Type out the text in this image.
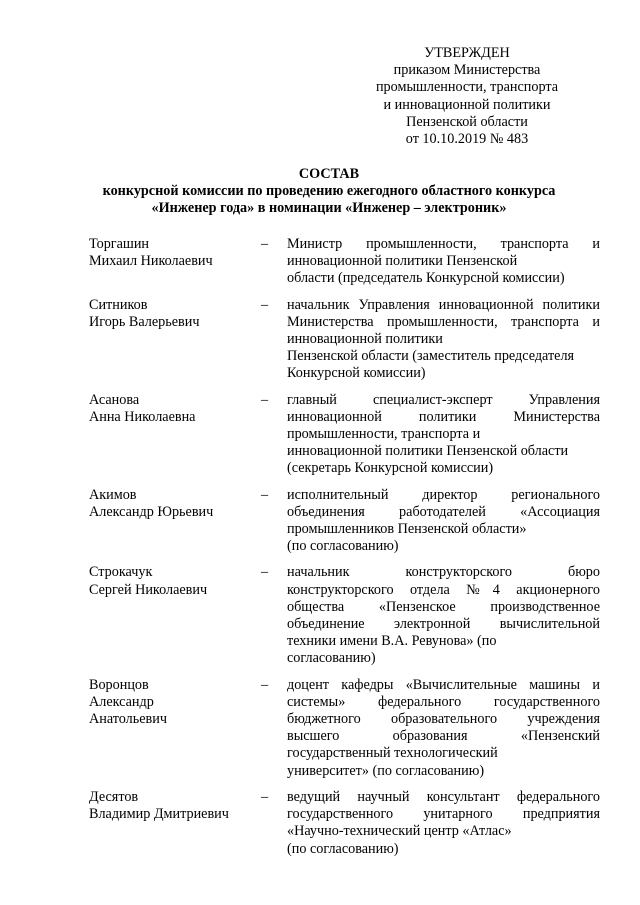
УТВЕРЖДЕН
приказом Министерства
промышленности, транспорта
и инновационной политики
Пензенской области
от 10.10.2019 № 483
СОСТАВ
конкурсной комиссии по проведению ежегодного областного конкурса
«Инженер года» в номинации «Инженер – электроник»
Торгашин
Михаил Николаевич
–	Министр промышленности, транспорта и инновационной политики Пензенской
области (председатель Конкурсной комиссии)
Ситников
Игорь Валерьевич
–	начальник Управления инновационной политики Министерства промышленности, транспорта и инновационной политики
Пензенской области (заместитель председателя Конкурсной комиссии)
Асанова
Анна Николаевна
–	главный специалист-эксперт Управления инновационной политики Министерства промышленности, транспорта и
инновационной политики Пензенской области (секретарь Конкурсной комиссии)
Акимов
Александр Юрьевич
–	исполнительный директор регионального объединения работодателей «Ассоциация промышленников Пензенской области»
(по согласованию)
Строкачук
Сергей Николаевич
–	начальник конструкторского бюро конструкторского отдела №4 акционерного общества «Пензенское производственное объединение электронной вычислительной техники имени В.А. Ревунова» (по
согласованию)
Воронцов
Александр
Анатольевич
–	доцент кафедры «Вычислительные машины и системы» федерального государственного бюджетного образовательного учреждения высшего образования «Пензенский государственный технологический
университет» (по согласованию)
Десятов
Владимир Дмитриевич
–	ведущий научный консультант федерального государственного унитарного предприятия «Научно-технический центр «Атлас»
(по согласованию)
